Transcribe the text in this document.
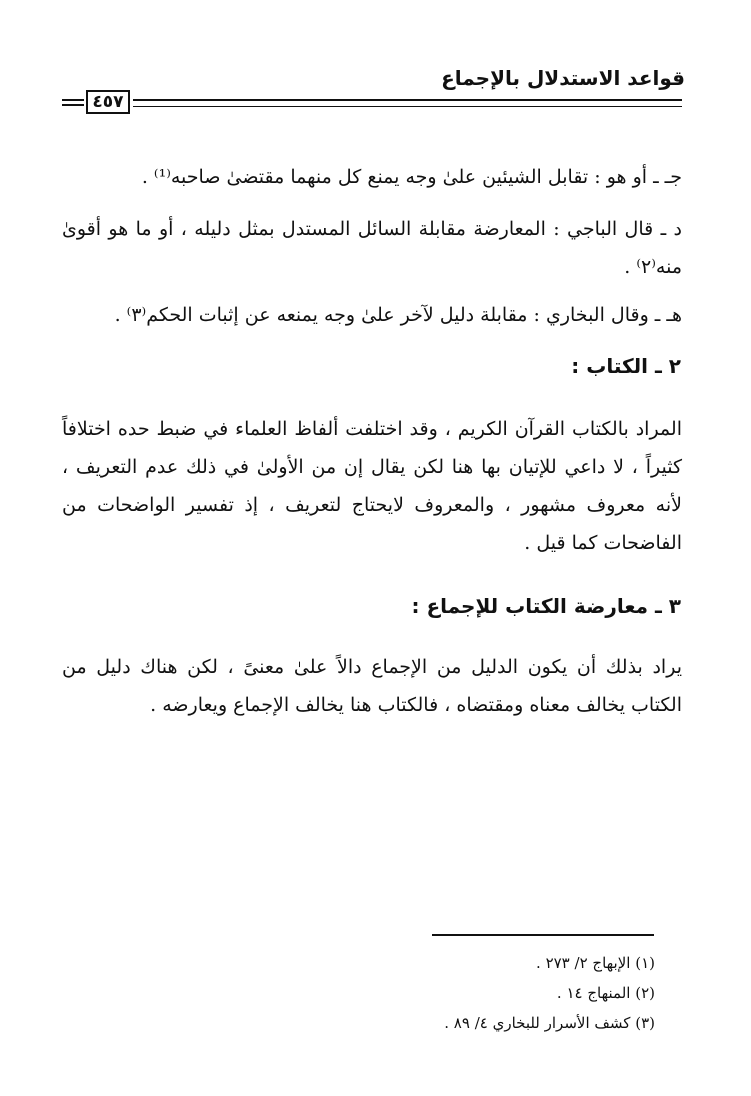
قواعد الاستدلال بالإجماع
٤٥٧
جـ ـ أو هو : تقابل الشيئين علىٰ وجه يمنع كل منهما مقتضىٰ صاحبه⁽¹⁾ .
د ـ قال الباجي : المعارضة مقابلة السائل المستدل بمثل دليله ، أو ما هو أقوىٰ منه⁽٢⁾ .
هـ ـ وقال البخاري : مقابلة دليل لآخر علىٰ وجه يمنعه عن إثبات الحكم⁽٣⁾ .
٢ ـ الكتاب :
المراد بالكتاب القرآن الكريم ، وقد اختلفت ألفاظ العلماء في ضبط حده اختلافاً كثيراً ، لا داعي للإتيان بها هنا لكن يقال إن من الأولىٰ في ذلك عدم التعريف ، لأنه معروف مشهور ، والمعروف لايحتاج لتعريف ، إذ تفسير الواضحات من الفاضحات كما قيل .
٣ ـ معارضة الكتاب للإجماع :
يراد بذلك أن يكون الدليل من الإجماع دالاً علىٰ معنىً ، لكن هناك دليل من الكتاب يخالف معناه ومقتضاه ، فالكتاب هنا يخالف الإجماع ويعارضه .
(١) الإبهاج ٢/ ٢٧٣ .
(٢) المنهاج ١٤ .
(٣) كشف الأسرار للبخاري ٤/ ٨٩ .
